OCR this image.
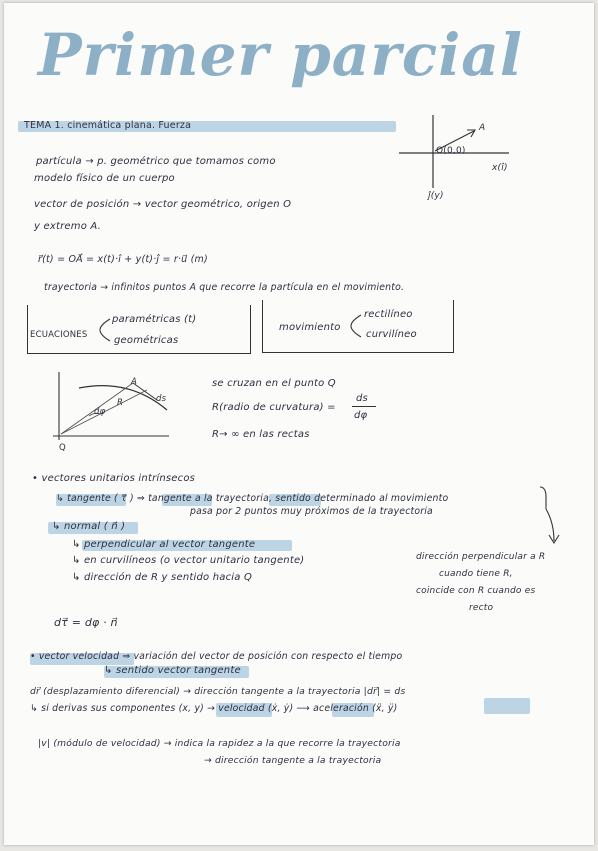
Primer parcial
TEMA 1. cinemática plana. Fuerza	A
O(0,0)
x(î)
ĵ(y)
partícula → p. geométrico que tomamos como
modelo físico de un cuerpo
vector de posición → vector geométrico, origen O
y extremo A.
r⃗(t) = OA⃗ = x(t)·î + y(t)·ĵ = r·u⃗ (m)
trayectoria → infinitos puntos A que recorre la partícula en el movimiento.
ECUACIONES
paramétricas (t)
geométricas
movimiento
rectilíneo
curvilíneo
A
ds
R
dφ
Q
se cruzan en el punto Q
R(radio de curvatura) =
ds
dφ
R→ ∞ en las rectas
• vectores unitarios intrínsecos
↳ tangente ( τ⃗ ) ⇒ tangente a la trayectoria, sentido determinado al movimiento
pasa por 2 puntos muy próximos de la trayectoria
↳ normal ( n⃗ )
↳ perpendicular al vector tangente
↳ en curvilíneos (o vector unitario tangente)
↳ dirección de R y sentido hacia Q
dirección perpendicular a R
cuando tiene R,
coincide con R cuando es
recto
dτ⃗ = dφ · n⃗
• vector velocidad ⇒ variación del vector de posición con respecto el tiempo
↳ sentido vector tangente
dr⃗ (desplazamiento diferencial) → dirección tangente a la trayectoria |dr⃗| = ds
↳ si derivas sus componentes (x, y) → velocidad (ẋ, ẏ) ⟶ aceleración (ẍ, ÿ)
|v| (módulo de velocidad) → indica la rapidez a la que recorre la trayectoria
→ dirección tangente a la trayectoria
